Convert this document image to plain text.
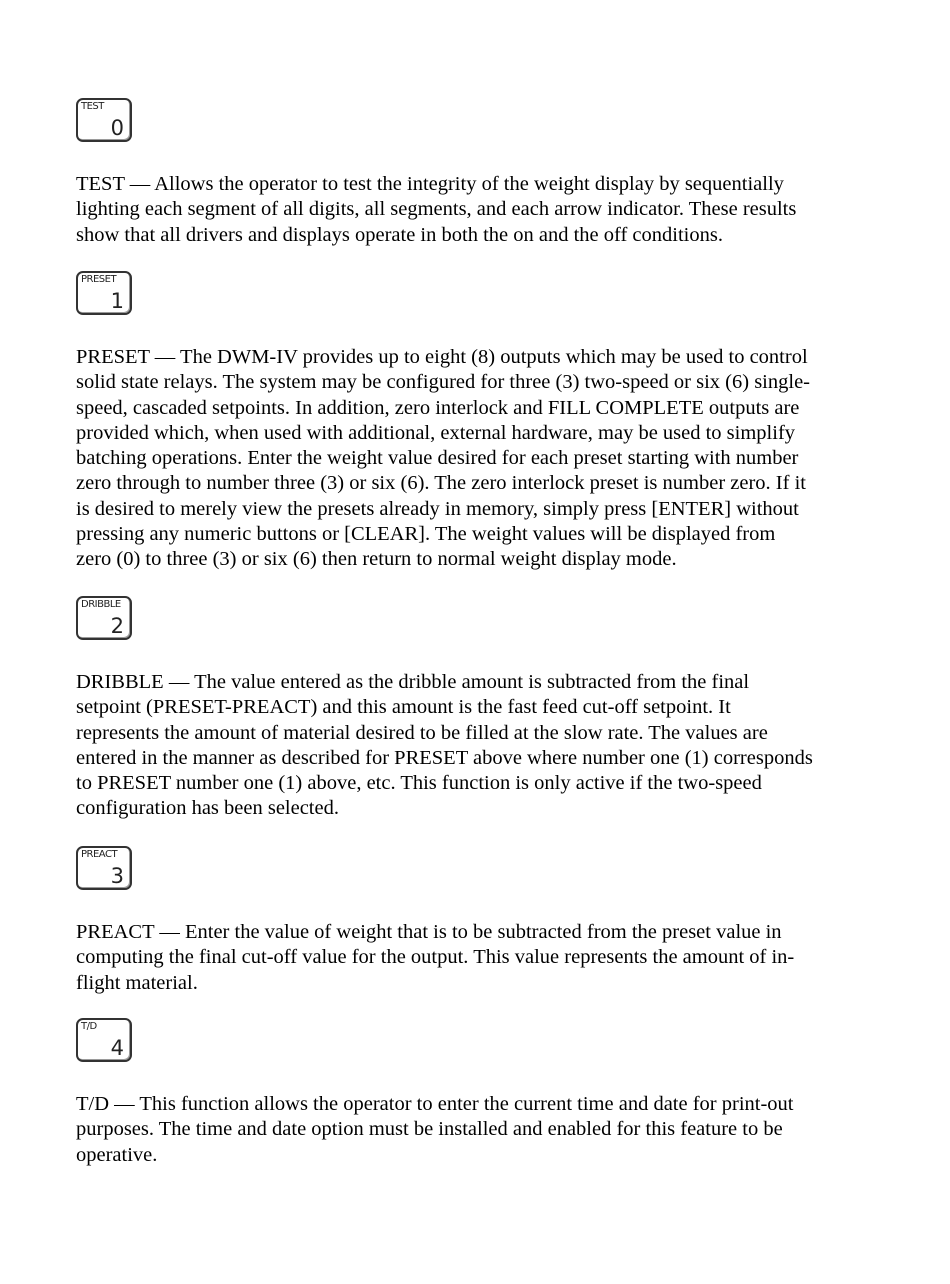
TEST
0

TEST — Allows the operator to test the integrity of the weight display by sequentially
lighting each segment of all digits, all segments, and each arrow indicator. These results
show that all drivers and displays operate in both the on and the off conditions.

PRESET
1

PRESET — The DWM-IV provides up to eight (8) outputs which may be used to control
solid state relays. The system may be configured for three (3) two-speed or six (6) single-
speed, cascaded setpoints. In addition, zero interlock and FILL COMPLETE outputs are
provided which, when used with additional, external hardware, may be used to simplify
batching operations. Enter the weight value desired for each preset starting with number
zero through to number three (3) or six (6). The zero interlock preset is number zero. If it
is desired to merely view the presets already in memory, simply press [ENTER] without
pressing any numeric buttons or [CLEAR]. The weight values will be displayed from
zero (0) to three (3) or six (6) then return to normal weight display mode.

DRIBBLE
2

DRIBBLE — The value entered as the dribble amount is subtracted from the final
setpoint (PRESET-PREACT) and this amount is the fast feed cut-off setpoint. It
represents the amount of material desired to be filled at the slow rate. The values are
entered in the manner as described for PRESET above where number one (1) corresponds
to PRESET number one (1) above, etc. This function is only active if the two-speed
configuration has been selected.

PREACT
3

PREACT — Enter the value of weight that is to be subtracted from the preset value in
computing the final cut-off value for the output. This value represents the amount of in-
flight material.

T/D
4

T/D — This function allows the operator to enter the current time and date for print-out
purposes. The time and date option must be installed and enabled for this feature to be
operative.
